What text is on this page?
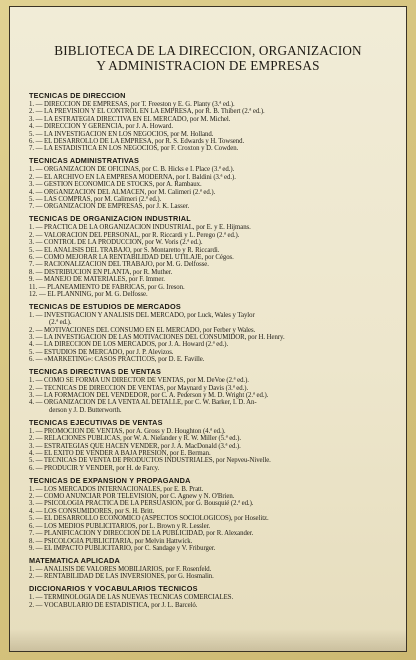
BIBLIOTECA DE LA DIRECCION, ORGANIZACION
Y ADMINISTRACION DE EMPRESAS
TECNICAS DE DIRECCION
1. — DIRECCION DE EMPRESAS, por T. Freeston y E. G. Planty (3.ª ed.).
2. — LA PREVISION Y EL CONTROL EN LA EMPRESA, por R. B. Thibert (2.ª ed.).
3. — LA ESTRATEGIA DIRECTIVA EN EL MERCADO, por M. Michel.
4. — DIRECCION Y GERENCIA, por J. A. Howard.
5. — LA INVESTIGACION EN LOS NEGOCIOS, por M. Holland.
6. — EL DESARROLLO DE LA EMPRESA, por R. S. Edwards y H. Towsend.
7. — LA ESTADISTICA EN LOS NEGOCIOS, por F. Croxton y D. Cowden.
TECNICAS ADMINISTRATIVAS
1. — ORGANIZACION DE OFICINAS, por C. B. Hicks e I. Place (3.ª ed.).
2. — EL ARCHIVO EN LA EMPRESA MODERNA, por I. Baldini (3.ª ed.).
3. — GESTION ECONOMICA DE STOCKS, por A. Rambaux.
4. — ORGANIZACION DEL ALMACEN, por M. Calimeri (2.ª ed.).
5. — LAS COMPRAS, por M. Calimeri (2.ª ed.).
7. — ORGANIZACION DE EMPRESAS, por J. K. Lasser.
TECNICAS DE ORGANIZACION INDUSTRIAL
1. — PRACTICA DE LA ORGANIZACION INDUSTRIAL, por E. y E. Hijmans.
2. — VALORACION DEL PERSONAL, por R. Riccardi y L. Perego (2.ª ed.).
3. — CONTROL DE LA PRODUCCION, por W. Voris (2.ª ed.).
5. — EL ANALISIS DEL TRABAJO, por S. Montaretto y R. Riccardi.
6. — COMO MEJORAR LA RENTABILIDAD DEL UTILAJE, por Cégos.
7. — RACIONALIZACION DEL TRABAJO, por M. G. Delfosse.
8. — DISTRIBUCION EN PLANTA, por R. Muther.
9. — MANEJO DE MATERIALES, por F. Immer.
11. — PLANEAMIENTO DE FABRICAS, por G. Ireson.
12. — EL PLANNING, por M. G. Delfosse.
TECNICAS DE ESTUDIOS DE MERCADOS
1. — INVESTIGACION Y ANALISIS DEL MERCADO, por Luck, Wales y Taylor
(2.ª ed.).
2. — MOTIVACIONES DEL CONSUMO EN EL MERCADO, por Ferber y Wales.
3. — LA INVESTIGACION DE LAS MOTIVACIONES DEL CONSUMIDOR, por H. Henry.
4. — LA DIRECCION DE LOS MERCADOS, por J. A. Howard (2.ª ed.).
5. — ESTUDIOS DE MERCADO, por J. P. Alevizos.
6. — «MARKETING»: CASOS PRACTICOS, por D. E. Faville.
TECNICAS DIRECTIVAS DE VENTAS
1. — COMO SE FORMA UN DIRECTOR DE VENTAS, por M. DeVoe (2.ª ed.).
2. — TECNICAS DE DIRECCION DE VENTAS, por Maynard y Davis (3.ª ed.).
3. — LA FORMACION DEL VENDEDOR, por C. A. Pederson y M. D. Wright (2.ª ed.).
4. — ORGANIZACION DE LA VENTA AL DETALLE, por C. W. Barker, I. D. An-
derson y J. D. Butterworth.
TECNICAS EJECUTIVAS DE VENTAS
1. — PROMOCION DE VENTAS, por A. Gross y D. Houghton (4.ª ed.).
2. — RELACIONES PUBLICAS, por W. A. Nielander y R. W. Miller (5.ª ed.).
3. — ESTRATEGIAS QUE HACEN VENDER, por J. A. MacDonald (3.ª ed.).
4. — EL EXITO DE VENDER A BAJA PRESION, por E. Berman.
5. — TECNICAS DE VENTA DE PRODUCTOS INDUSTRIALES, por Nepveu-Nivelle.
6. — PRODUCIR Y VENDER, por H. de Farcy.
TECNICAS DE EXPANSION Y PROPAGANDA
1. — LOS MERCADOS INTERNACIONALES, por E. B. Pratt.
2. — COMO ANUNCIAR POR TELEVISION, por C. Agnew y N. O'Brien.
3. — PSICOLOGIA PRACTICA DE LA PERSUASION, por G. Bousquié (2.ª ed.).
4. — LOS CONSUMIDORES, por S. H. Britt.
5. — EL DESARROLLO ECONOMICO (ASPECTOS SOCIOLOGICOS), por Hoselitz.
6. — LOS MEDIOS PUBLICITARIOS, por L. Brown y R. Lessler.
7. — PLANIFICACION Y DIRECCION DE LA PUBLICIDAD, por R. Alexander.
8. — PSICOLOGIA PUBLICITARIA, por Melvin Hattwick.
9. — EL IMPACTO PUBLICITARIO, por C. Sandage y V. Friburger.
MATEMATICA APLICADA
1. — ANALISIS DE VALORES MOBILIARIOS, por F. Rosenfeld.
2. — RENTABILIDAD DE LAS INVERSIONES, por G. Hosmalin.
DICCIONARIOS Y VOCABULARIOS TECNICOS
1. — TERMINOLOGIA DE LAS NUEVAS TECNICAS COMERCIALES.
2. — VOCABULARIO DE ESTADISTICA, por J. L. Barceló.
